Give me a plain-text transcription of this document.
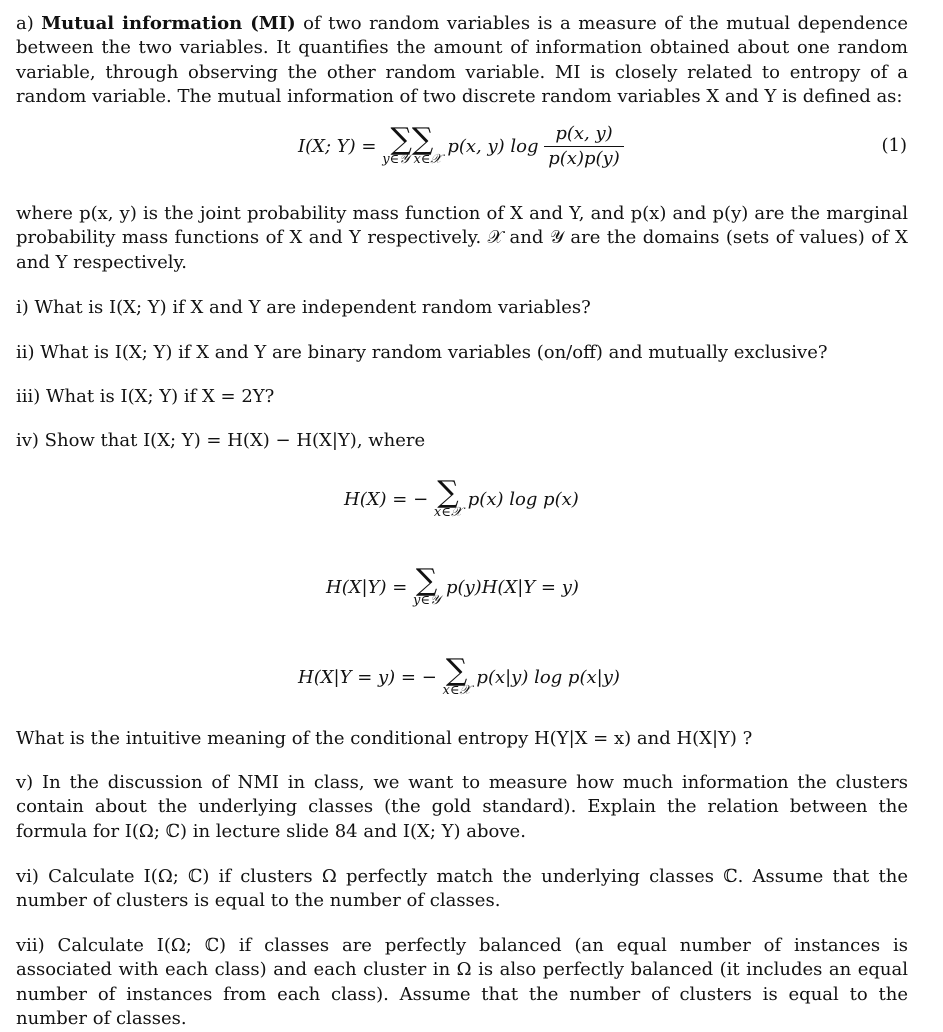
a) Mutual information (MI) of two random variables is a measure of the mutual dependence between the two variables. It quantifies the amount of information obtained about one random variable, through observing the other random variable. MI is closely related to entropy of a random variable. The mutual information of two discrete random variables X and Y is defined as:

I(X; Y) = ∑∑
y∈𝒴 x∈𝒳
p(x, y) $\log \frac{p(x, y)}{p(x)p(y)}$	(1)

where p(x, y) is the joint probability mass function of X and Y, and p(x) and p(y) are the marginal probability mass functions of X and Y respectively. 𝒳 and 𝒴 are the domains (sets of values) of X and Y respectively.

i) What is I(X; Y) if X and Y are independent random variables?

ii) What is I(X; Y) if X and Y are binary random variables (on/off) and mutually exclusive?

iii) What is I(X; Y) if X = 2Y?

iv) Show that I(X; Y) = H(X) − H(X|Y), where

H(X) = − ∑
x∈𝒳
p(x) log p(x)
H(X|Y) = ∑
y∈𝒴
p(y)H(X|Y = y)
H(X|Y = y) = − ∑
x∈𝒳
p(x|y) log p(x|y)

What is the intuitive meaning of the conditional entropy H(Y|X = x) and H(X|Y) ?

v) In the discussion of NMI in class, we want to measure how much information the clusters contain about the underlying classes (the gold standard). Explain the relation between the formula for I(Ω; ℂ) in lecture slide 84 and I(X; Y) above.

vi) Calculate I(Ω; ℂ) if clusters Ω perfectly match the underlying classes ℂ. Assume that the number of clusters is equal to the number of classes.

vii) Calculate I(Ω; ℂ) if classes are perfectly balanced (an equal number of instances is associated with each class) and each cluster in Ω is also perfectly balanced (it includes an equal number of instances from each class). Assume that the number of clusters is equal to the number of classes.
